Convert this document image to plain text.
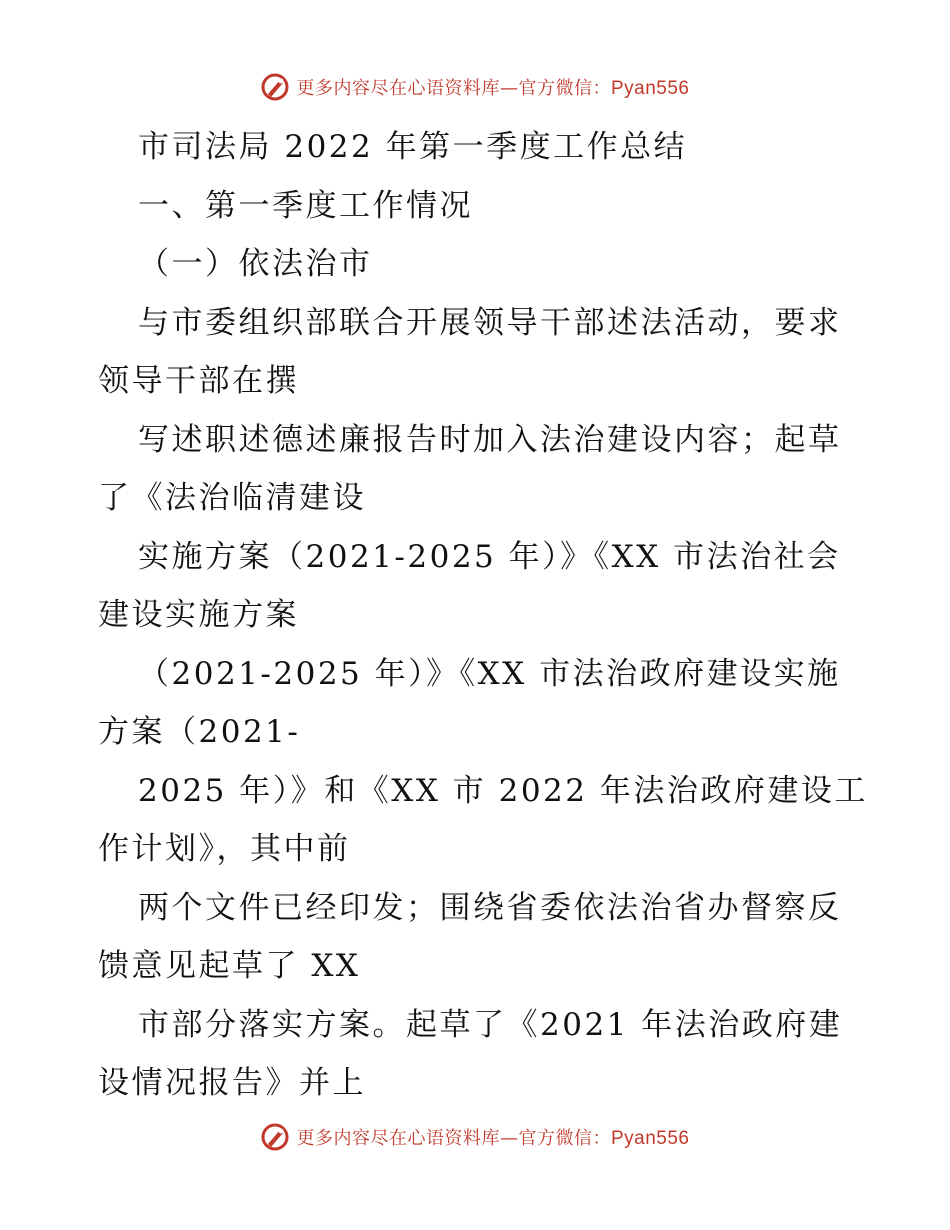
更多内容尽在心语资料库—官方微信：Pyan556
市司法局 2022 年第一季度工作总结
一、第一季度工作情况
（一）依法治市
与市委组织部联合开展领导干部述法活动，要求
领导干部在撰
写述职述德述廉报告时加入法治建设内容；起草
了《法治临清建设
实施方案（2021-2025 年）》《XX 市法治社会
建设实施方案
（2021-2025 年）》《XX 市法治政府建设实施
方案（2021-
2025 年）》和《XX 市 2022 年法治政府建设工
作计划》，其中前
两个文件已经印发；围绕省委依法治省办督察反
馈意见起草了 XX
市部分落实方案。起草了《2021 年法治政府建
设情况报告》并上
更多内容尽在心语资料库—官方微信：Pyan556
